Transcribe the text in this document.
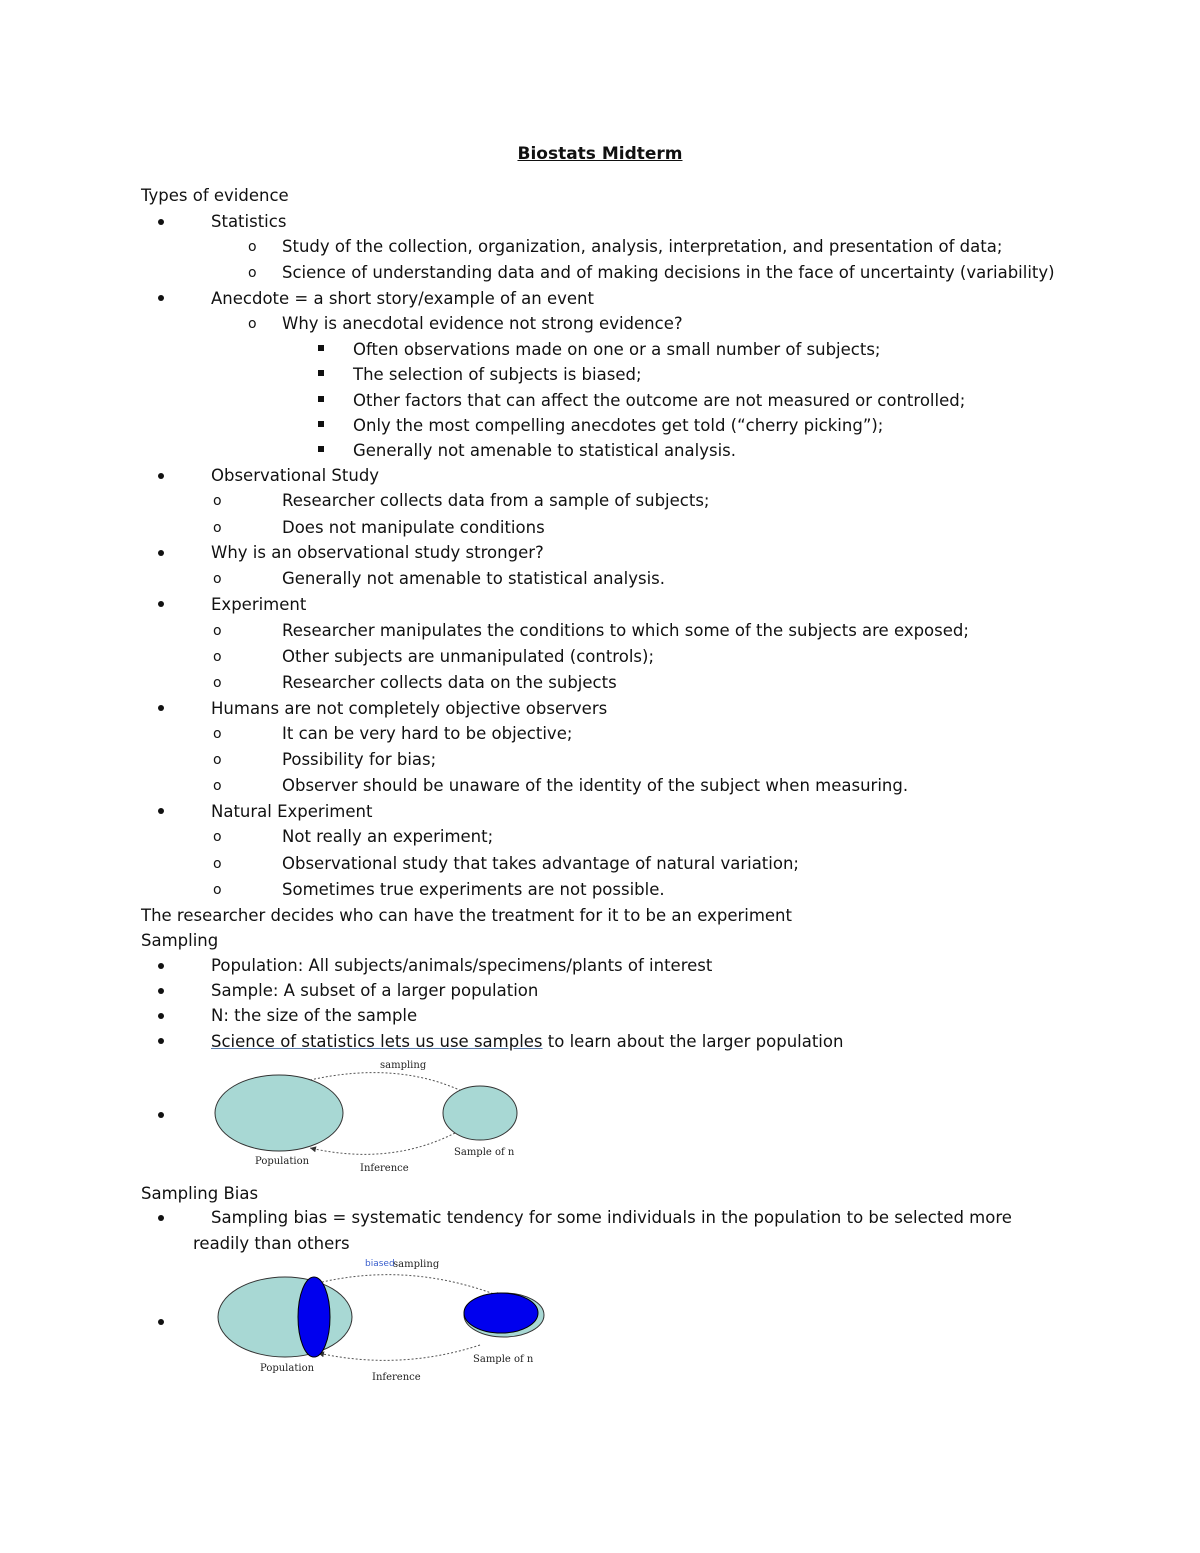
Biostats Midterm
Types of evidence
Statistics
o Study of the collection, organization, analysis, interpretation, and presentation of data;
o Science of understanding data and of making decisions in the face of uncertainty (variability)
Anecdote = a short story/example of an event
o Why is anecdotal evidence not strong evidence?
Often observations made on one or a small number of subjects;
The selection of subjects is biased;
Other factors that can affect the outcome are not measured or controlled;
Only the most compelling anecdotes get told (“cherry picking”);
Generally not amenable to statistical analysis.
Observational Study
o	Researcher collects data from a sample of subjects;
o	Does not manipulate conditions
Why is an observational study stronger?
o	Generally not amenable to statistical analysis.
Experiment
o	Researcher manipulates the conditions to which some of the subjects are exposed;
o	Other subjects are unmanipulated (controls);
o	Researcher collects data on the subjects
Humans are not completely objective observers
o	It can be very hard to be objective;
o	Possibility for bias;
o	Observer should be unaware of the identity of the subject when measuring.
Natural Experiment
o	Not really an experiment;
o	Observational study that takes advantage of natural variation;
o	Sometimes true experiments are not possible.
The researcher decides who can have the treatment for it to be an experiment
Sampling
Population: All subjects/animals/specimens/plants of interest
Sample: A subset of a larger population
N: the size of the sample
Science of statistics lets us use samples to learn about the larger population
sampling
Population
Inference
Sample of n
Sampling Bias
Sampling bias = systematic tendency for some individuals in the population to be selected more
readily than others
biased
sampling
Population
Inference
Sample of n
